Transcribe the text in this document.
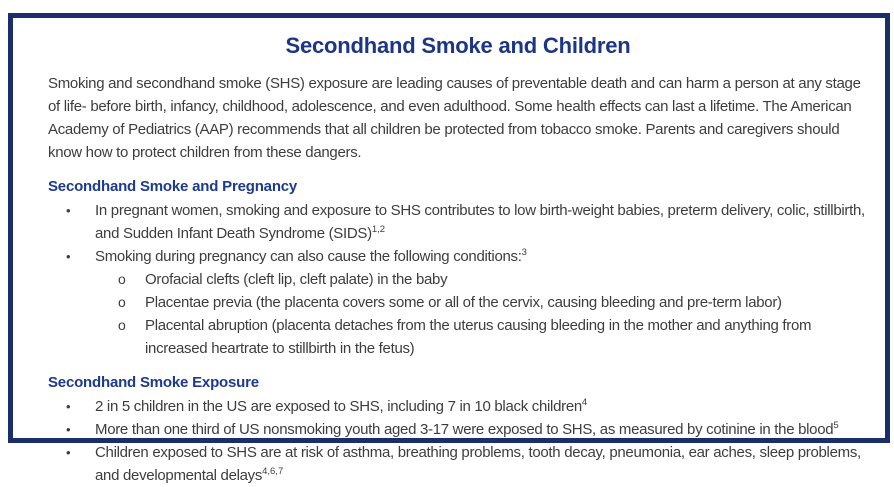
Secondhand Smoke and Children

Smoking and secondhand smoke (SHS) exposure are leading causes of preventable death and can harm a person at any stage of life- before birth, infancy, childhood, adolescence, and even adulthood. Some health effects can last a lifetime. The American Academy of Pediatrics (AAP) recommends that all children be protected from tobacco smoke. Parents and caregivers should know how to protect children from these dangers.

Secondhand Smoke and Pregnancy
•	In pregnant women, smoking and exposure to SHS contributes to low birth-weight babies, preterm delivery, colic, stillbirth, and Sudden Infant Death Syndrome (SIDS)$^{1,2}$
•	Smoking during pregnancy can also cause the following conditions:$^3$
o	Orofacial clefts (cleft lip, cleft palate) in the baby
o	Placentae previa (the placenta covers some or all of the cervix, causing bleeding and pre-term labor)
o	Placental abruption (placenta detaches from the uterus causing bleeding in the mother and anything from increased heartrate to stillbirth in the fetus)
Secondhand Smoke Exposure
•	2 in 5 children in the US are exposed to SHS, including 7 in 10 black children$^4$
•	More than one third of US nonsmoking youth aged 3-17 were exposed to SHS, as measured by cotinine in the blood$^5$
•	Children exposed to SHS are at risk of asthma, breathing problems, tooth decay, pneumonia, ear aches, sleep problems, and developmental delays$^{4,6,7}$
